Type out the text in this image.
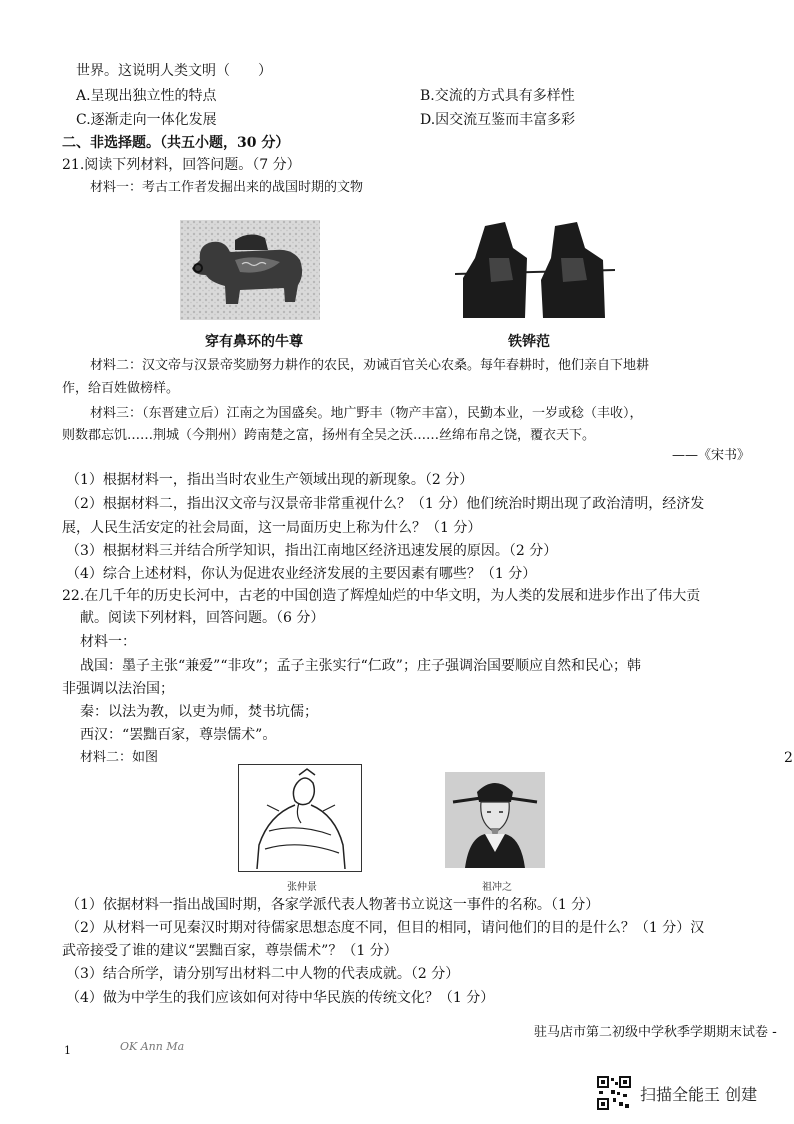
世界。这说明人类文明（　　）
A.呈现出独立性的特点	B.交流的方式具有多样性
C.逐渐走向一体化发展	D.因交流互鉴而丰富多彩
二、非选择题。（共五小题，30 分）
21.阅读下列材料，回答问题。（7 分）
材料一：考古工作者发掘出来的战国时期的文物
穿有鼻环的牛尊	铁铧范
材料二：汉文帝与汉景帝奖励努力耕作的农民，劝诫百官关心农桑。每年春耕时，他们亲自下地耕
作，给百姓做榜样。
材料三：（东晋建立后）江南之为国盛矣。地广野丰（物产丰富），民勤本业，一岁或稔（丰收），
则数郡忘饥……荆城（今荆州）跨南楚之富，扬州有全吴之沃……丝绵布帛之饶，覆衣天下。
——《宋书》
（1）根据材料一，指出当时农业生产领域出现的新现象。（2 分）
（2）根据材料二，指出汉文帝与汉景帝非常重视什么？（1 分）他们统治时期出现了政治清明，经济发
展，人民生活安定的社会局面，这一局面历史上称为什么？（1 分）
（3）根据材料三并结合所学知识，指出江南地区经济迅速发展的原因。（2 分）
（4）综合上述材料，你认为促进农业经济发展的主要因素有哪些？（1 分）
22.在几千年的历史长河中，古老的中国创造了辉煌灿烂的中华文明，为人类的发展和进步作出了伟大贡
献。阅读下列材料，回答问题。（6 分）
材料一：
战国：墨子主张“兼爱”“非攻”；孟子主张实行“仁政”；庄子强调治国要顺应自然和民心；韩
非强调以法治国；
秦：以法为教，以吏为师，焚书坑儒；
西汉：“罢黜百家，尊崇儒术”。
材料二：如图	2
张仲景	祖冲之
（1）依据材料一指出战国时期，各家学派代表人物著书立说这一事件的名称。（1 分）
（2）从材料一可见秦汉时期对待儒家思想态度不同，但目的相同，请问他们的目的是什么？（1 分）汉
武帝接受了谁的建议“罢黜百家，尊崇儒术”？（1 分）
（3）结合所学，请分别写出材料二中人物的代表成就。（2 分）
（4）做为中学生的我们应该如何对待中华民族的传统文化？（1 分）
驻马店市第二初级中学秋季学期期末试卷 -
1	OK Ann Ma
扫描全能王 创建
